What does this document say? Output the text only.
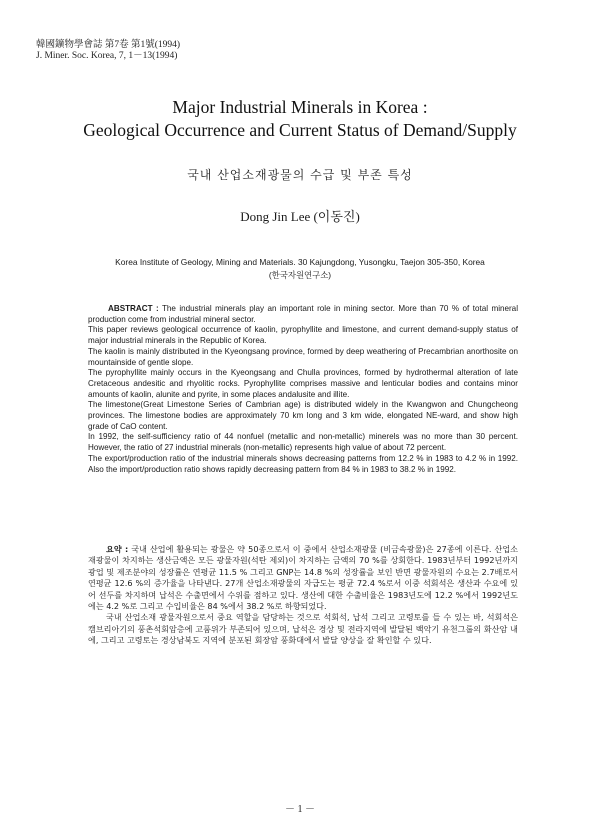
韓國鑛物學會誌 第7卷 第1號(1994)
J. Miner. Soc. Korea, 7, 1－13(1994)
Major Industrial Minerals in Korea :
Geological Occurrence and Current Status of Demand/Supply
국내 산업소재광물의 수급 및 부존 특성
Dong Jin Lee (이동진)
Korea Institute of Geology, Mining and Materials. 30 Kajungdong, Yusongku, Taejon 305-350, Korea
(한국자원연구소)

ABSTRACT : The industrial minerals play an important role in mining sector. More than 70 % of total mineral production come from industrial mineral sector.

This paper reviews geological occurrence of kaolin, pyrophyllite and limestone, and current demand-supply status of major industrial minerals in the Republic of Korea.

The kaolin is mainly distributed in the Kyeongsang province, formed by deep weathering of Precambrian anorthosite on mountainside of gentle slope.

The pyrophyllite mainly occurs in the Kyeongsang and Chulla provinces, formed by hydrothermal alteration of late Cretaceous andesitic and rhyolitic rocks. Pyrophyllite comprises massive and lenticular bodies and contains minor amounts of kaolin, alunite and pyrite, in some places andalusite and illite.

The limestone(Great Limestone Series of Cambrian age) is distributed widely in the Kwangwon and Chungcheong provinces. The limestone bodies are approximately 70 km long and 3 km wide, elongated NE-ward, and show high grade of CaO content.

In 1992, the self-sufficiency ratio of 44 nonfuel (metallic and non-metallic) minerels was no more than 30 percent. However, the ratio of 27 industrial minerals (non-metallic) represents high value of about 72 percent.

The export/production ratio of the industrial minerals shows decreasing patterns from 12.2 % in 1983 to 4.2 % in 1992. Also the import/production ratio shows rapidly decreasing pattern from 84 % in 1983 to 38.2 % in 1992.

요약 : 국내 산업에 활용되는 광물은 약 50종으로서 이 중에서 산업소재광물 (비금속광물)은 27종에 이른다. 산업소재광물이 차지하는 생산금액은 모든 광물자원(석탄 제외)이 차지하는 금액의 70 %를 상회한다. 1983년부터 1992년까지 광업 및 제조분야의 성장률은 연평균 11.5 % 그리고 GNP는 14.8 %의 성장률을 보인 반면 광물자원의 수요는 2.7배로서 연평균 12.6 %의 증가율을 나타낸다. 27개 산업소재광물의 자급도는 평균 72.4 %로서 이중 석회석은 생산과 수요에 있어 선두를 차지하며 납석은 수출면에서 수위를 점하고 있다. 생산에 대한 수출비율은 1983년도에 12.2 %에서 1992년도에는 4.2 %로 그리고 수입비율은 84 %에서 38.2 %로 하향되었다.

국내 산업소재 광물자원으로서 중요 역할을 담당하는 것으로 석회석, 납석 그리고 고령토를 들 수 있는 바, 석회석은 캠브리아기의 풍촌석회암층에 고품위가 부존되어 있으며, 납석은 경상 및 전라지역에 발달된 백악기 유천그룹의 화산암 내에, 그리고 고령토는 경상남북도 지역에 분포된 회장암 풍화대에서 발달 양상을 잘 확인할 수 있다.

－ 1 －
